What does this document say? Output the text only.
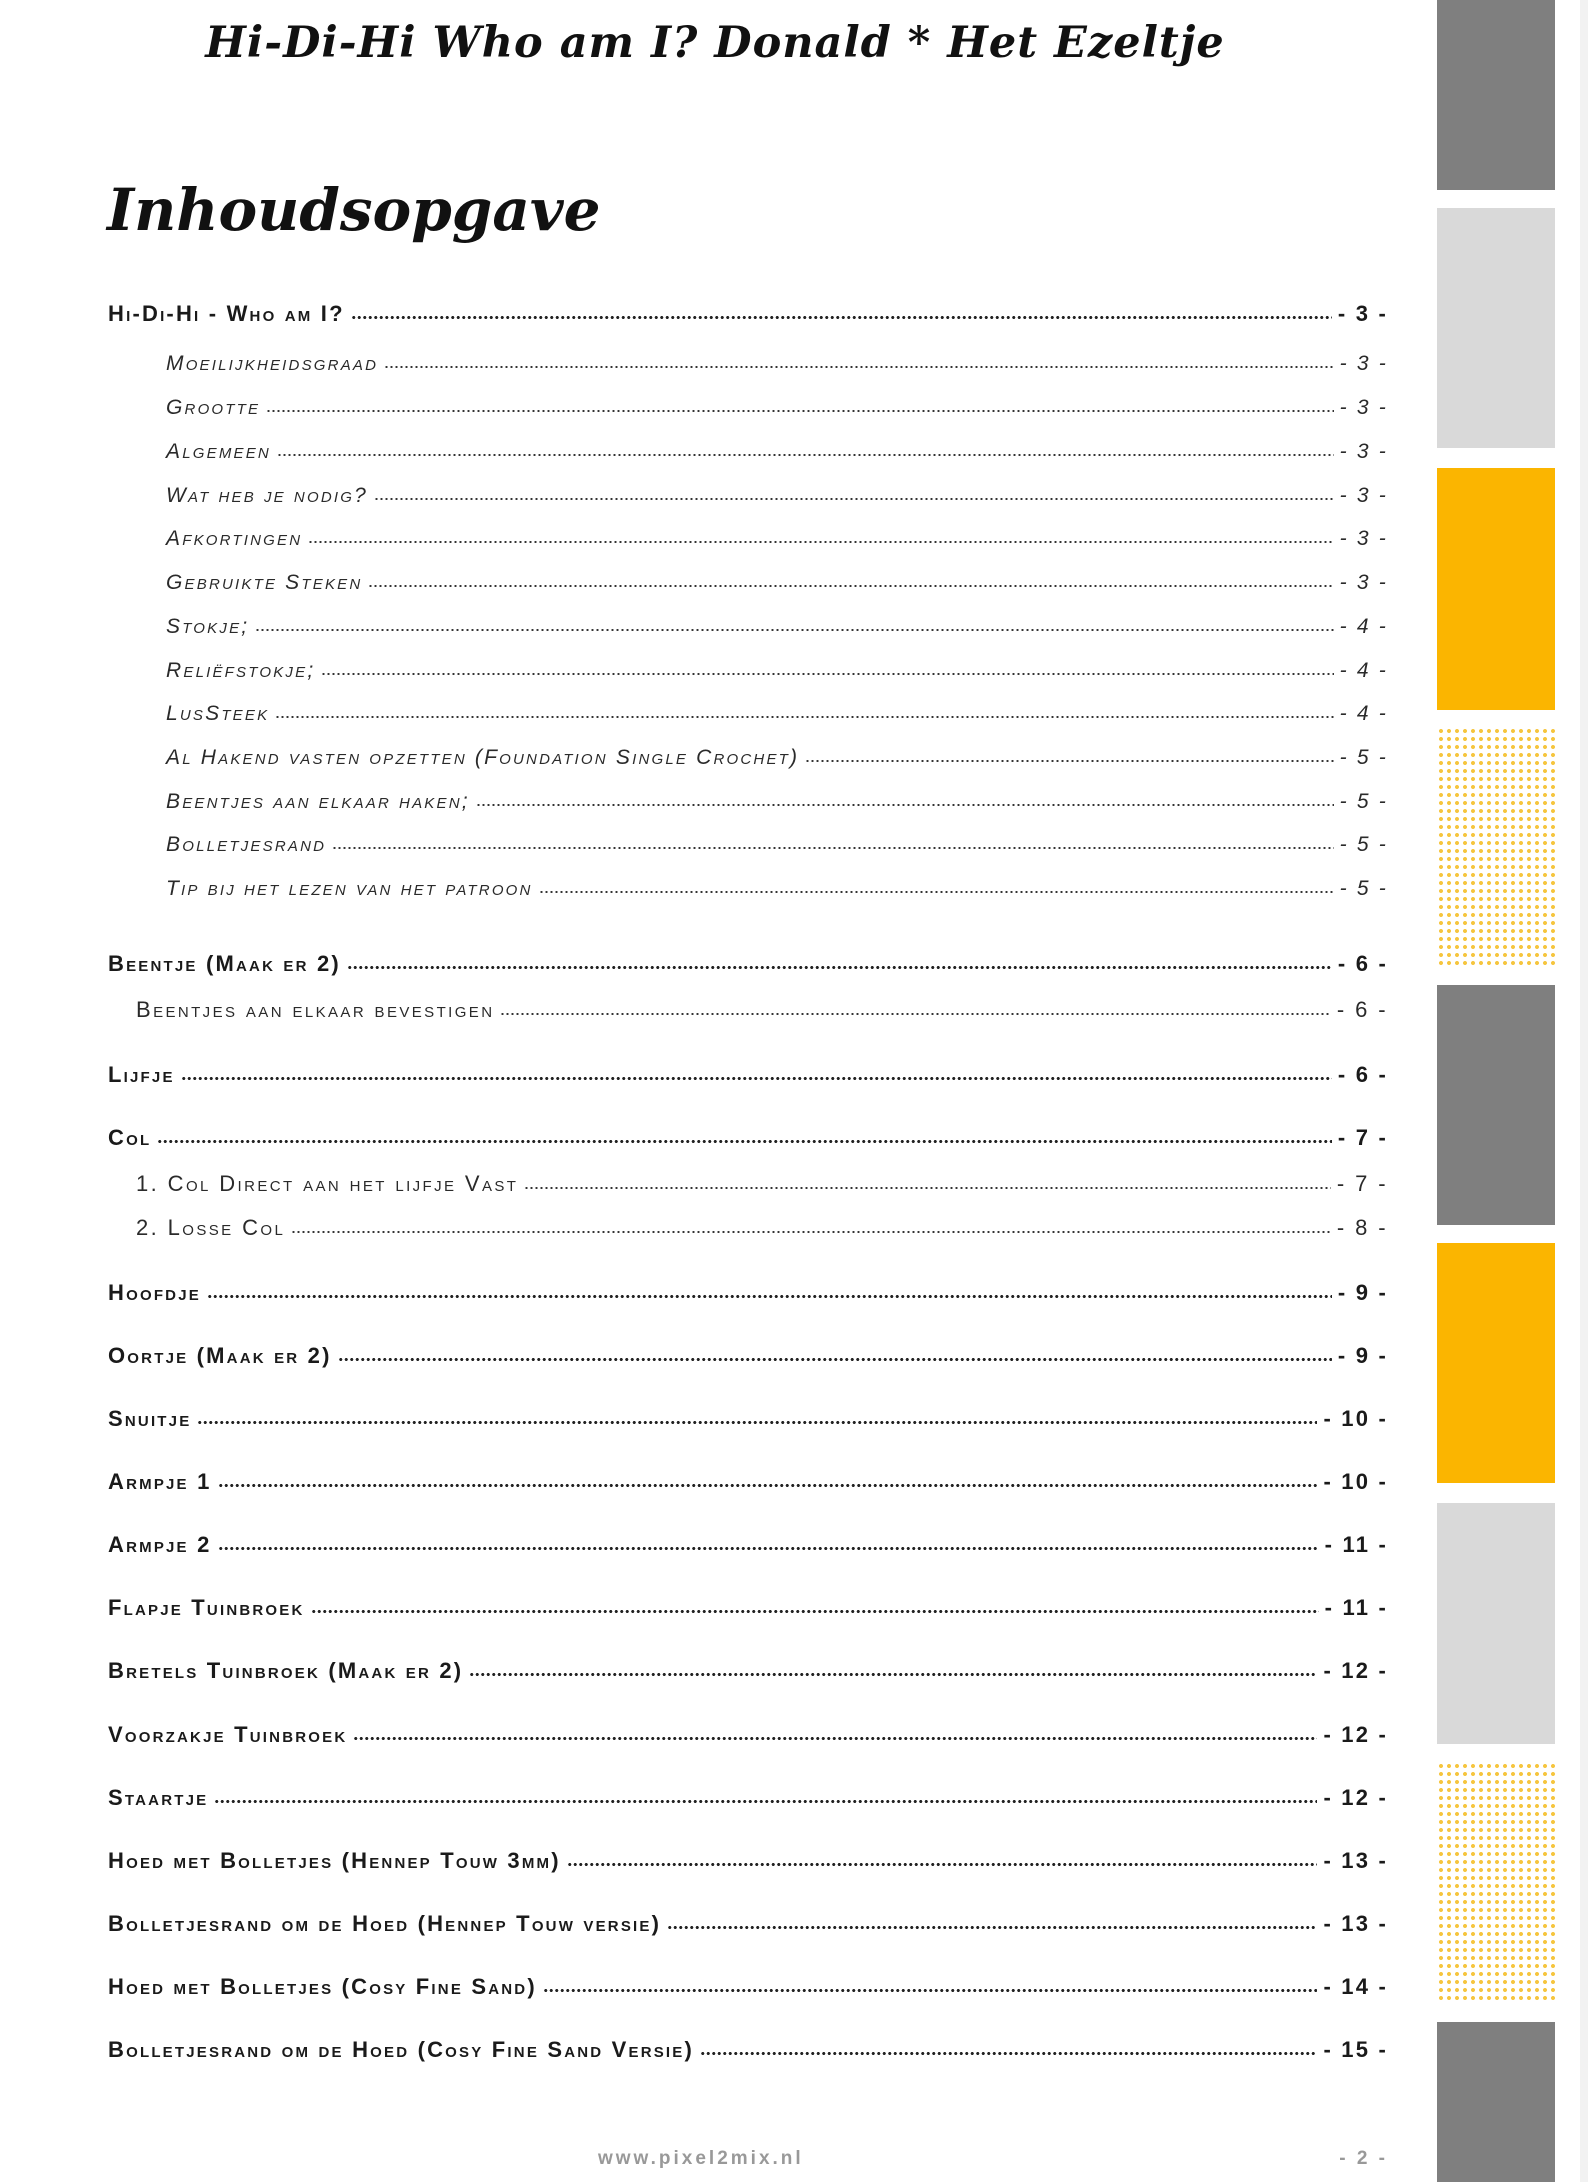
Hi-Di-Hi Who am I? Donald * Het Ezeltje
Inhoudsopgave
Hi-Di-Hi - Who am I?	- 3 -
Moeilijkheidsgraad	- 3 -
Grootte	- 3 -
Algemeen	- 3 -
Wat heb je nodig?	- 3 -
Afkortingen	- 3 -
Gebruikte Steken	- 3 -
Stokje;	- 4 -
Reliëfstokje;	- 4 -
LusSteek	- 4 -
Al Hakend vasten opzetten (Foundation Single Crochet)	- 5 -
Beentjes aan elkaar haken;	- 5 -
Bolletjesrand	- 5 -
Tip bij het lezen van het patroon	- 5 -
Beentje (Maak er 2)	- 6 -
Beentjes aan elkaar bevestigen	- 6 -
Lijfje	- 6 -
Col	- 7 -
1. Col Direct aan het lijfje Vast	- 7 -
2. Losse Col	- 8 -
Hoofdje	- 9 -
Oortje (Maak er 2)	- 9 -
Snuitje	- 10 -
Armpje 1	- 10 -
Armpje 2	- 11 -
Flapje Tuinbroek	- 11 -
Bretels Tuinbroek (Maak er 2)	- 12 -
Voorzakje Tuinbroek	- 12 -
Staartje	- 12 -
Hoed met Bolletjes (Hennep Touw 3mm)	- 13 -
Bolletjesrand om de Hoed (Hennep Touw versie)	- 13 -
Hoed met Bolletjes (Cosy Fine Sand)	- 14 -
Bolletjesrand om de Hoed (Cosy Fine Sand Versie)	- 15 -
www.pixel2mix.nl	- 2 -
